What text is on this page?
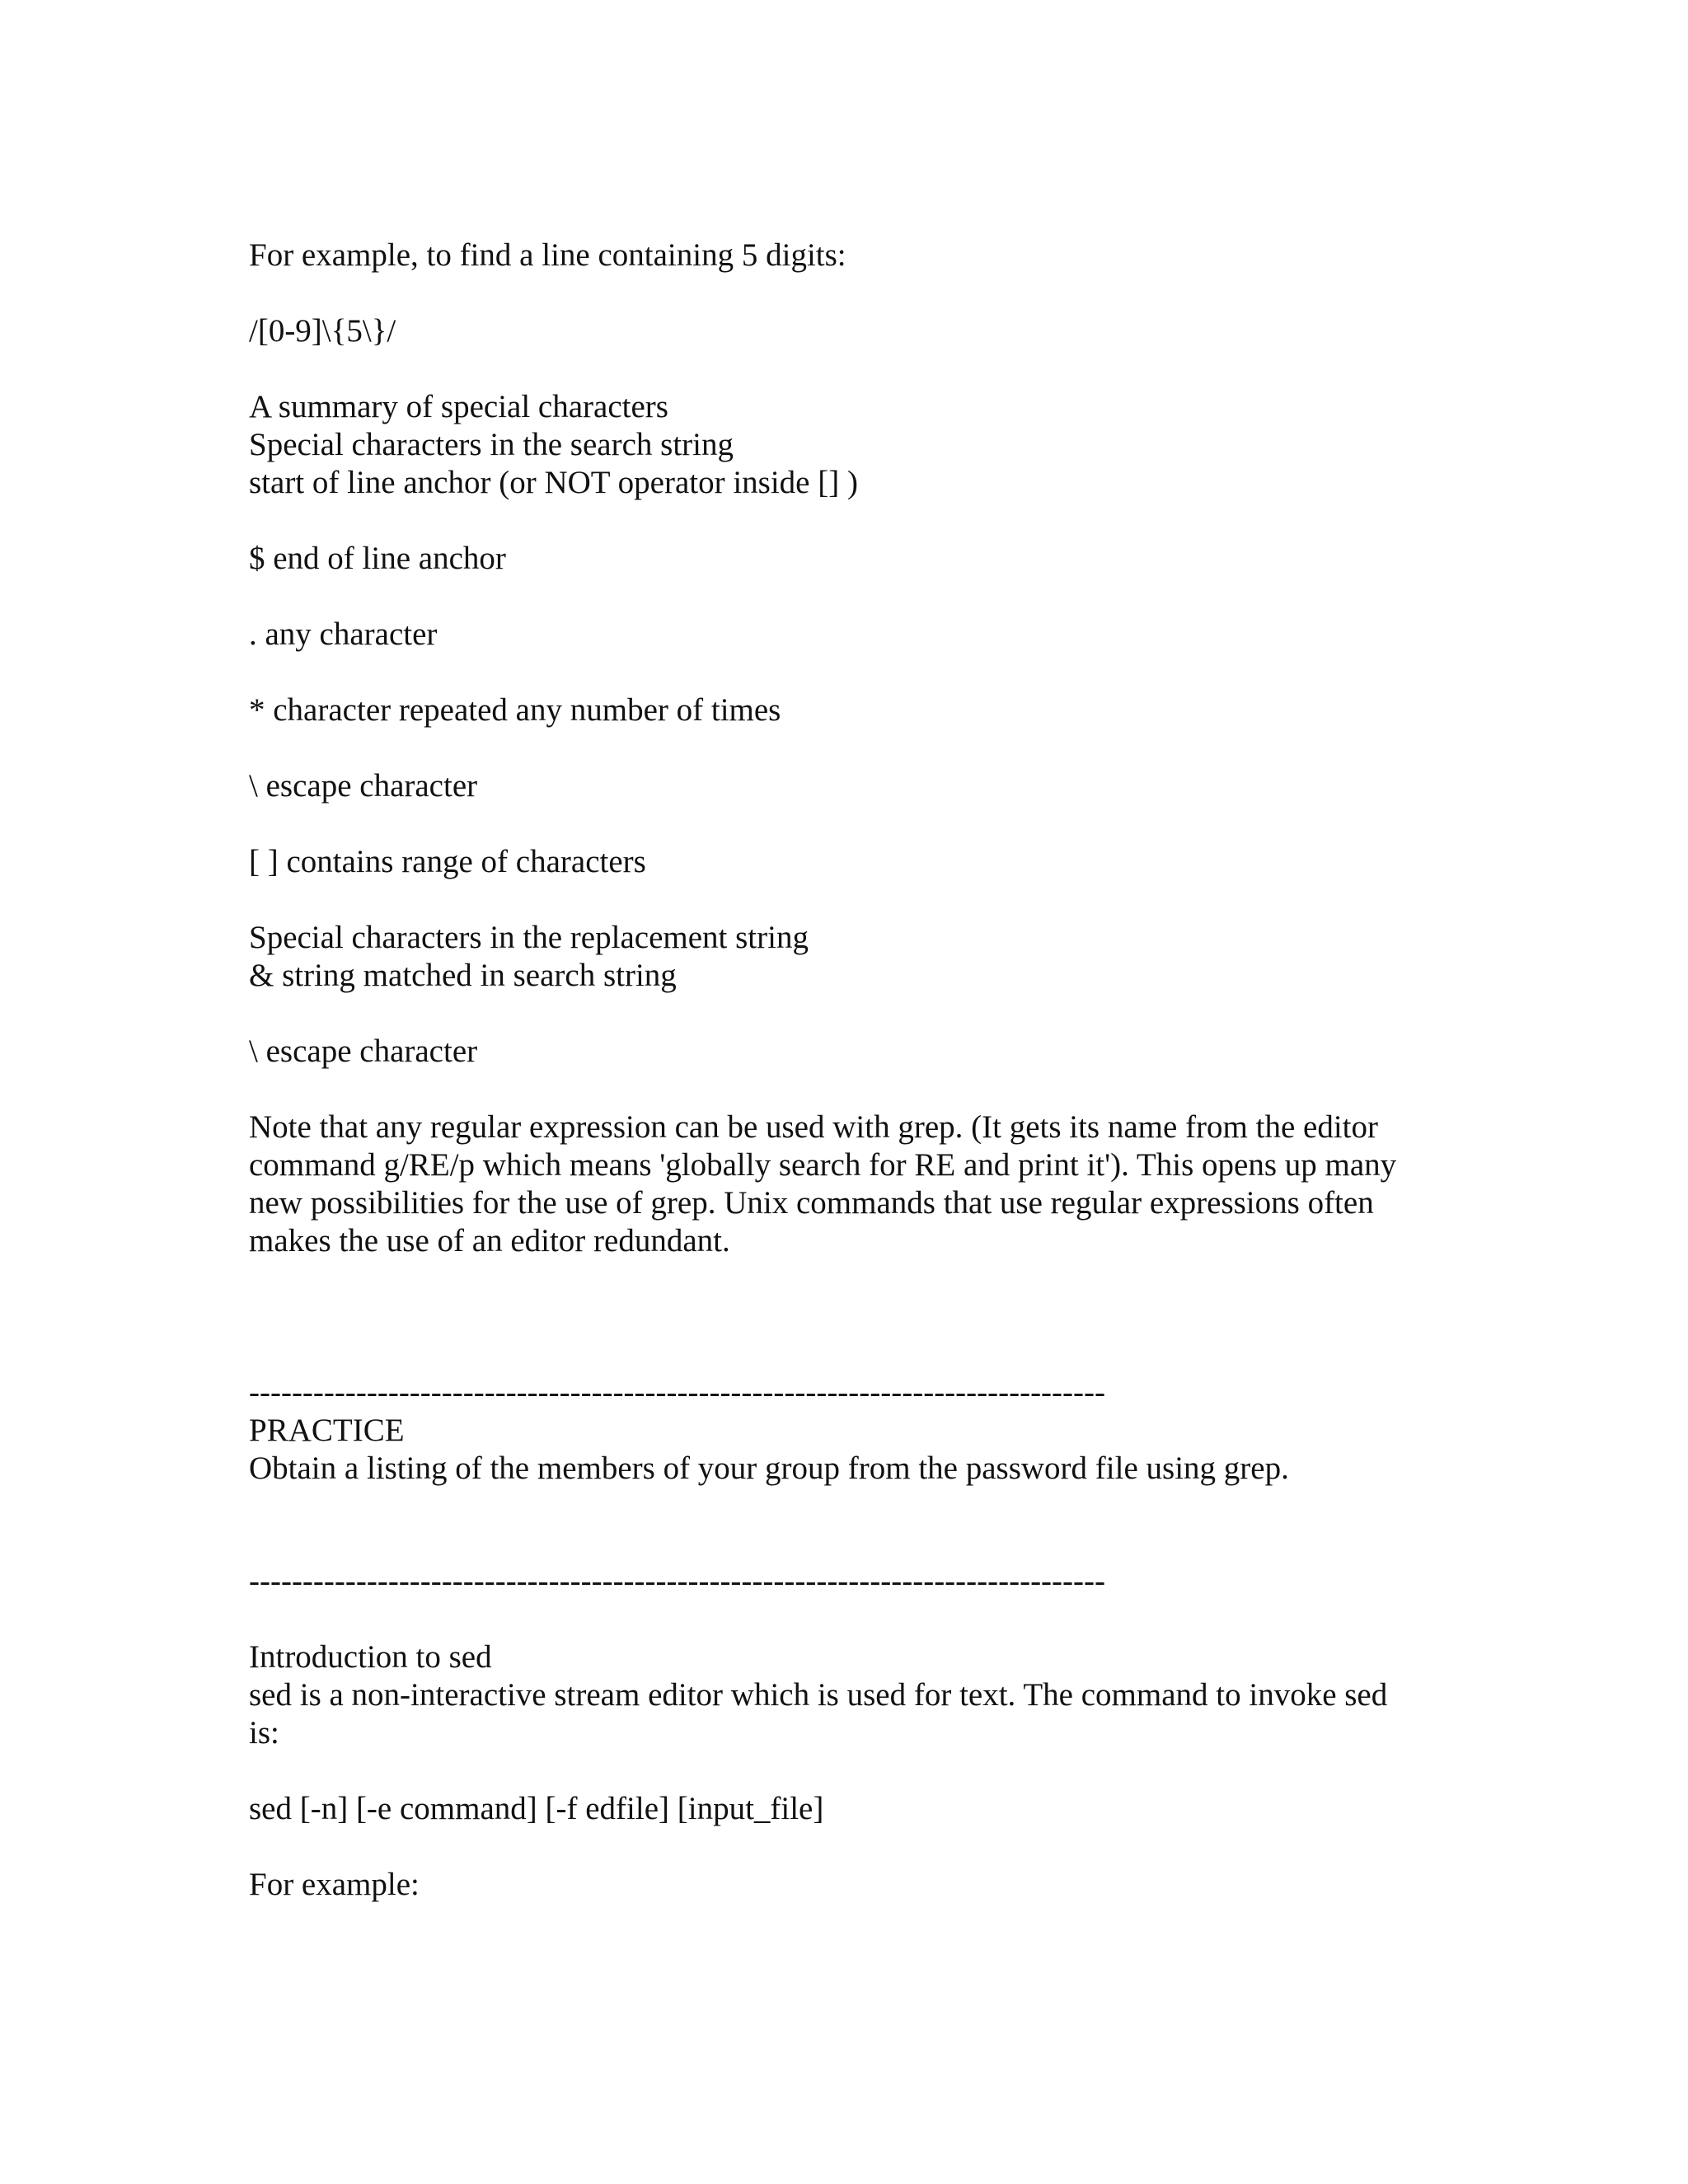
For example, to find a line containing 5 digits:

/[0-9]\{5\}/

A summary of special characters

Special characters in the search string

start of line anchor (or NOT operator inside [] )

$ end of line anchor

. any character

* character repeated any number of times

\ escape character

[ ] contains range of characters

Special characters in the replacement string

& string matched in search string

\ escape character

Note that any regular expression can be used with grep. (It gets its name from the editor

command g/RE/p which means 'globally search for RE and print it'). This opens up many

new possibilities for the use of grep. Unix commands that use regular expressions often

makes the use of an editor redundant.

--------------------------------------------------------------------------------

PRACTICE

Obtain a listing of the members of your group from the password file using grep.

--------------------------------------------------------------------------------

Introduction to sed

sed is a non-interactive stream editor which is used for text. The command to invoke sed

is:

sed [-n] [-e command] [-f edfile] [input_file]

For example:
